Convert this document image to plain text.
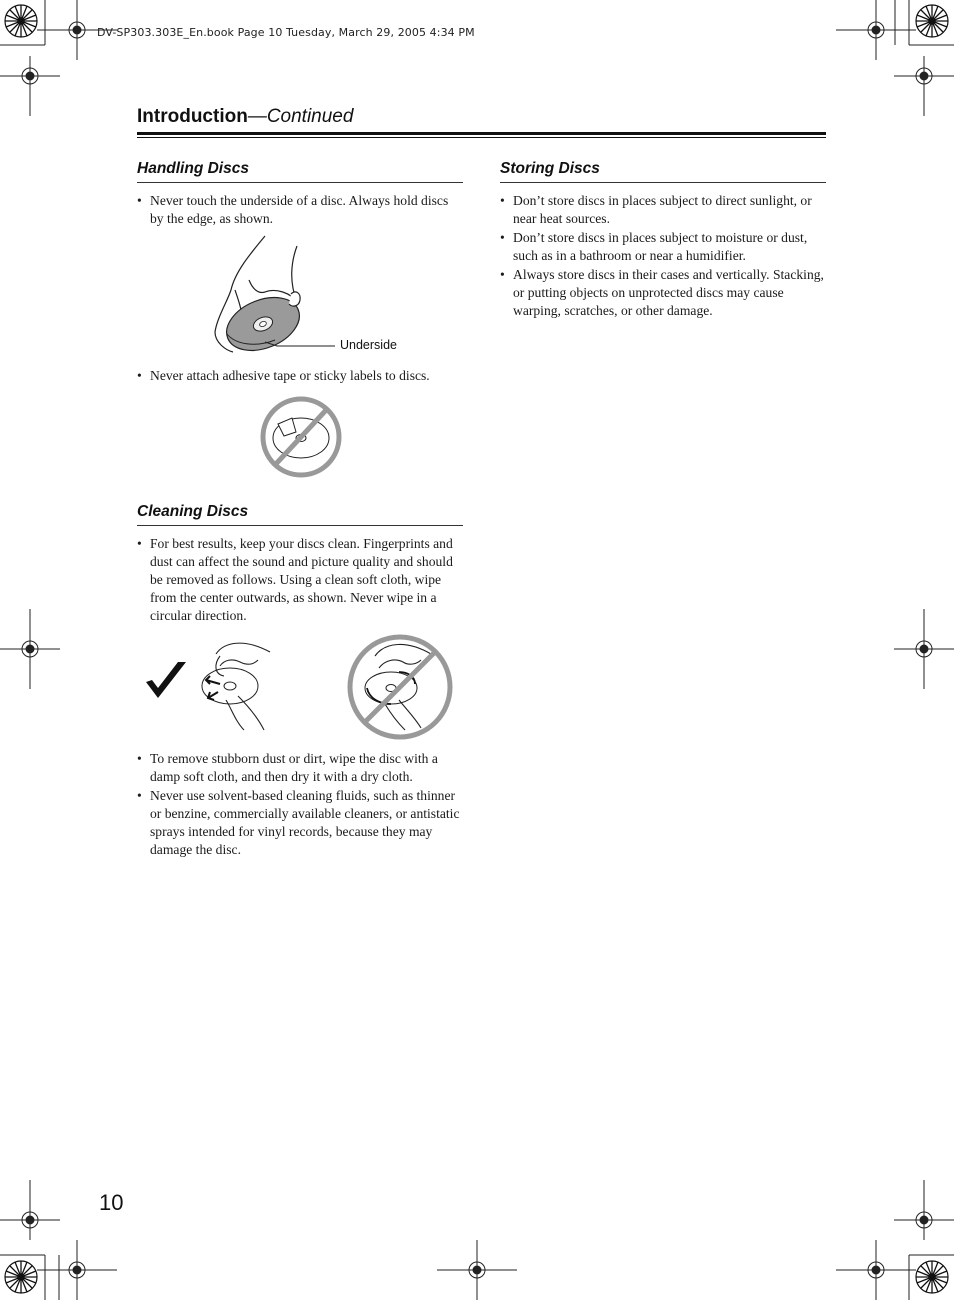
DV-SP303.303E_En.book Page 10 Tuesday, March 29, 2005 4:34 PM
Introduction—Continued
Handling Discs
• Never touch the underside of a disc. Always hold discs by the edge, as shown.
Underside
• Never attach adhesive tape or sticky labels to discs.
Cleaning Discs
• For best results, keep your discs clean. Fingerprints and dust can affect the sound and picture quality and should be removed as follows. Using a clean soft cloth, wipe from the center outwards, as shown. Never wipe in a circular direction.
• To remove stubborn dust or dirt, wipe the disc with a damp soft cloth, and then dry it with a dry cloth.
• Never use solvent-based cleaning fluids, such as thinner or benzine, commercially available cleaners, or antistatic sprays intended for vinyl records, because they may damage the disc.
Storing Discs
• Don’t store discs in places subject to direct sunlight, or near heat sources.
• Don’t store discs in places subject to moisture or dust, such as in a bathroom or near a humidifier.
• Always store discs in their cases and vertically. Stacking, or putting objects on unprotected discs may cause warping, scratches, or other damage.
10
